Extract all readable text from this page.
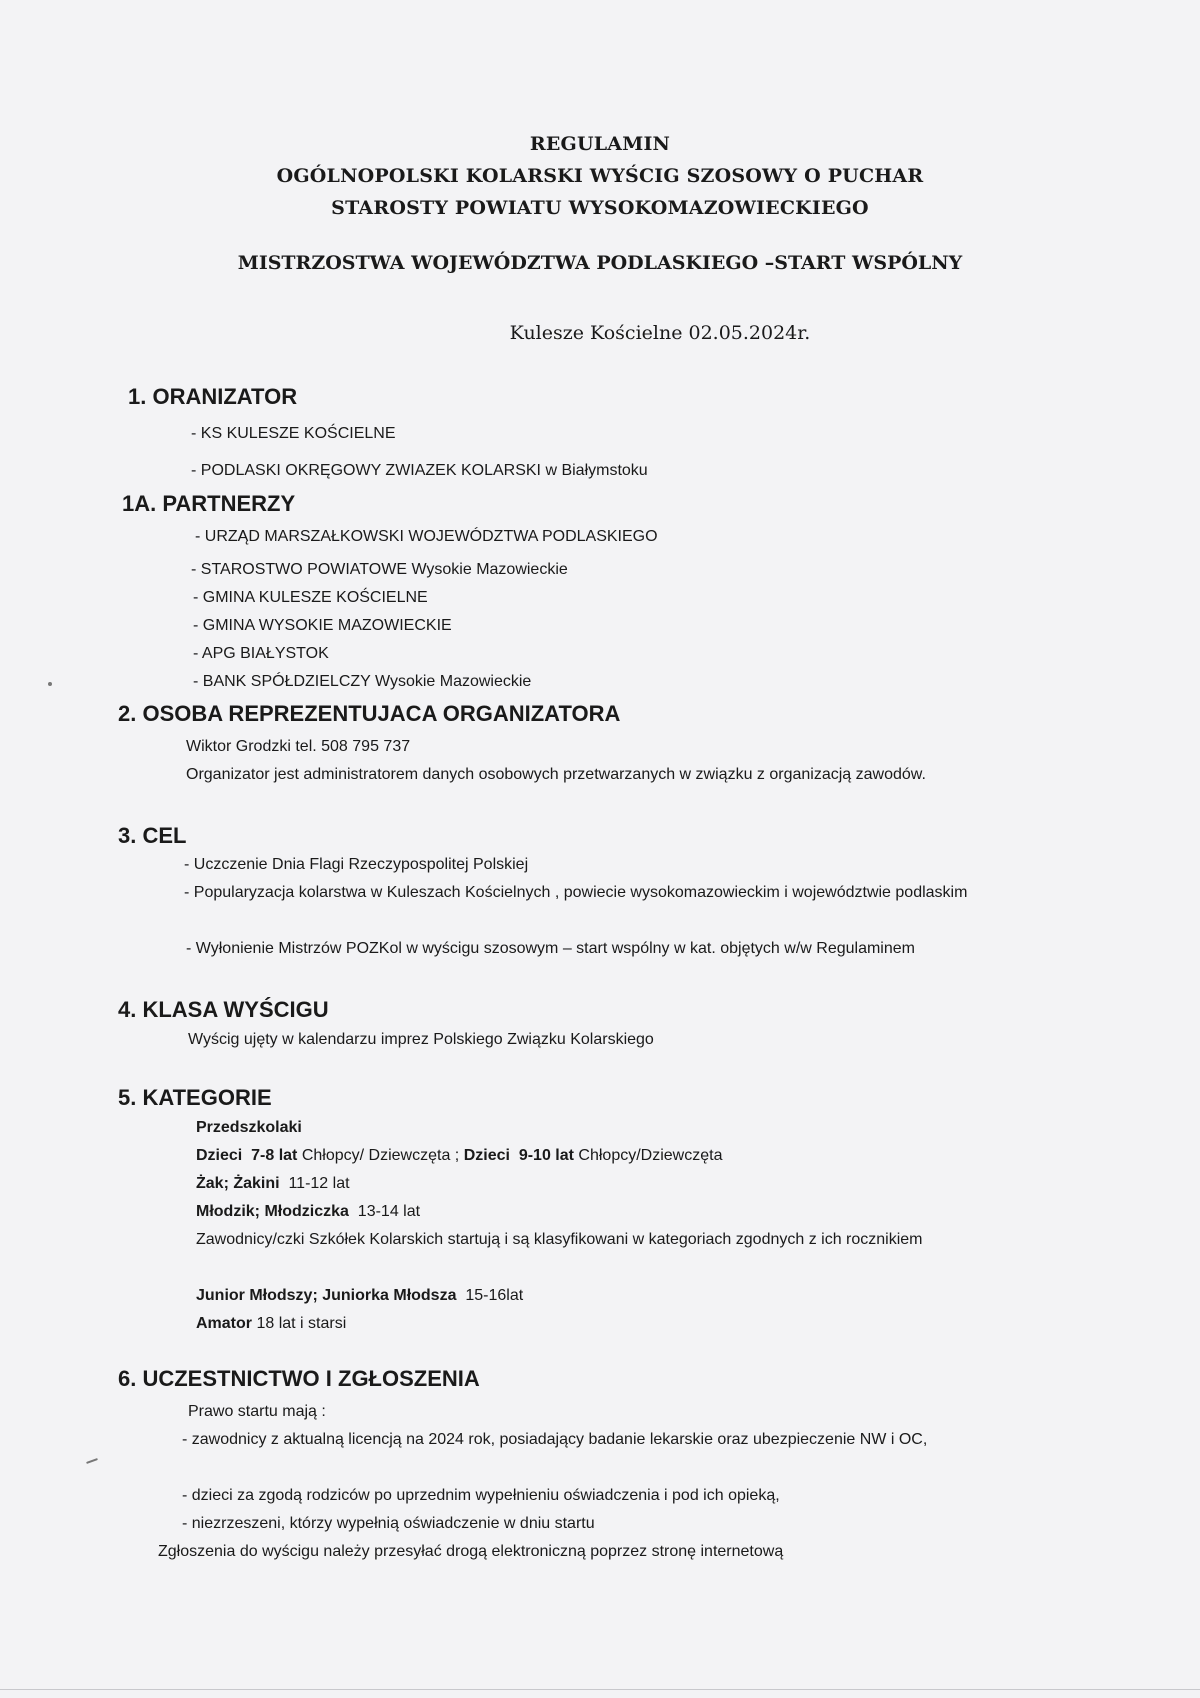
REGULAMIN
OGÓLNOPOLSKI KOLARSKI WYŚCIG SZOSOWY O PUCHAR
STAROSTY POWIATU WYSOKOMAZOWIECKIEGO
MISTRZOSTWA WOJEWÓDZTWA PODLASKIEGO –START WSPÓLNY
Kulesze Kościelne 02.05.2024r.
1. ORANIZATOR

- KS KULESZE KOŚCIELNE

- PODLASKI OKRĘGOWY ZWIAZEK KOLARSKI w Białymstoku

1A. PARTNERZY

- URZĄD MARSZAŁKOWSKI WOJEWÓDZTWA PODLASKIEGO

- STAROSTWO POWIATOWE Wysokie Mazowieckie

- GMINA KULESZE KOŚCIELNE

- GMINA WYSOKIE MAZOWIECKIE

- APG BIAŁYSTOK

- BANK SPÓŁDZIELCZY Wysokie Mazowieckie

2. OSOBA REPREZENTUJACA ORGANIZATORA

Wiktor Grodzki tel. 508 795 737

Organizator jest administratorem danych osobowych przetwarzanych w związku z organizacją zawodów.

3. CEL

- Uczczenie Dnia Flagi Rzeczypospolitej Polskiej

- Popularyzacja kolarstwa w Kuleszach Kościelnych , powiecie wysokomazowieckim i województwie podlaskim

- Wyłonienie Mistrzów POZKol w wyścigu szosowym – start wspólny w kat. objętych w/w Regulaminem

4. KLASA WYŚCIGU

Wyścig ujęty w kalendarzu imprez Polskiego Związku Kolarskiego

5. KATEGORIE

Przedszkolaki

Dzieci 7-8 lat Chłopcy/ Dziewczęta ; Dzieci 9-10 lat Chłopcy/Dziewczęta

Żak; Żakini 11-12 lat

Młodzik; Młodziczka 13-14 lat

Zawodnicy/czki Szkółek Kolarskich startują i są klasyfikowani w kategoriach zgodnych z ich rocznikiem

Junior Młodszy; Juniorka Młodsza 15-16lat

Amator 18 lat i starsi

6. UCZESTNICTWO I ZGŁOSZENIA

Prawo startu mają :

- zawodnicy z aktualną licencją na 2024 rok, posiadający badanie lekarskie oraz ubezpieczenie NW i OC,

- dzieci za zgodą rodziców po uprzednim wypełnieniu oświadczenia i pod ich opieką,

- niezrzeszeni, którzy wypełnią oświadczenie w dniu startu

Zgłoszenia do wyścigu należy przesyłać drogą elektroniczną poprzez stronę internetową
